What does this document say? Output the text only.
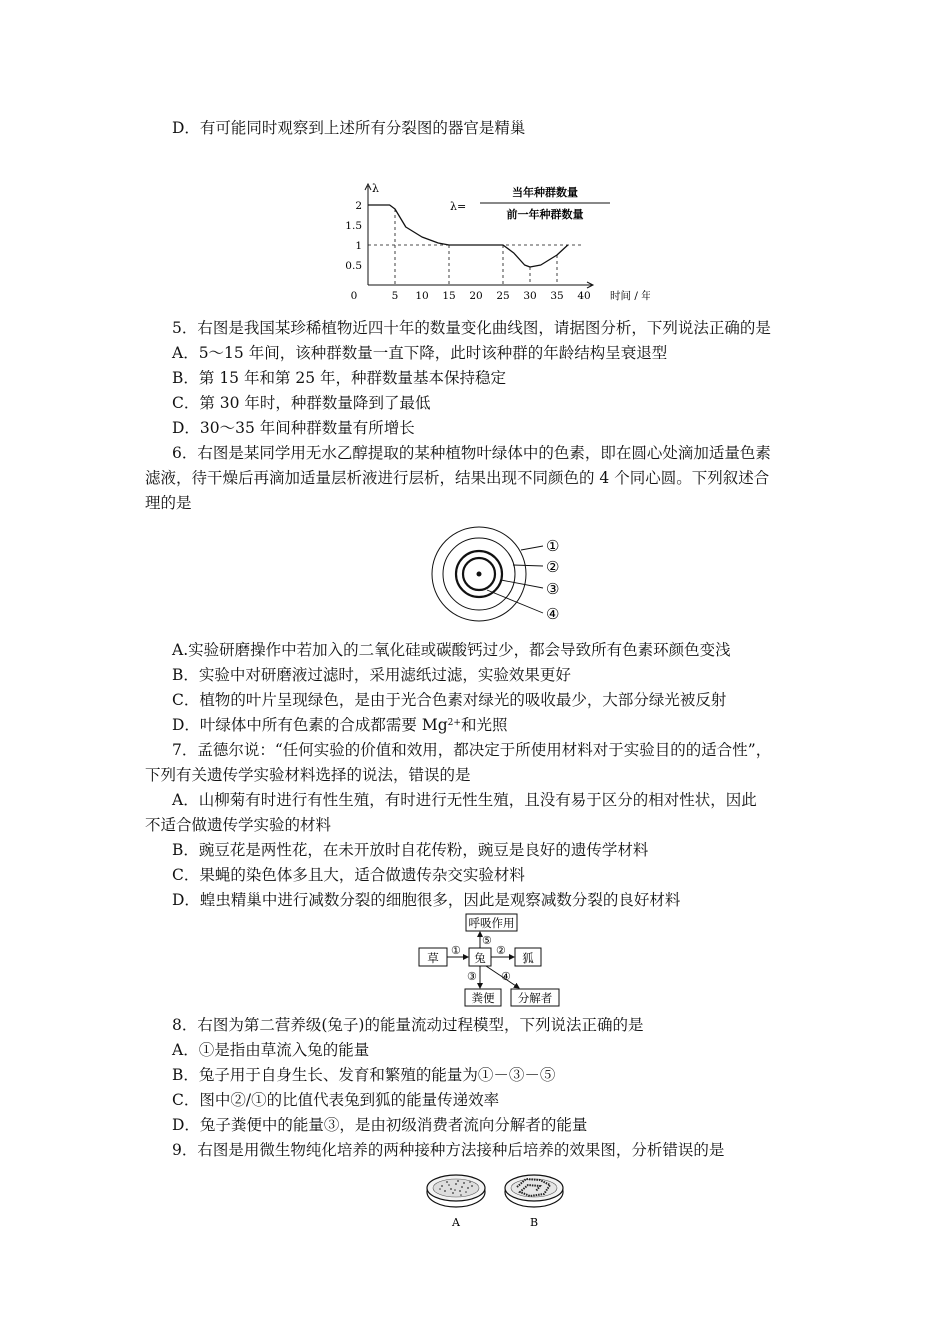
D．有可能同时观察到上述所有分裂图的器官是精巢
λ
0	5 10 15 20 25 30 35 40 时间 / 年
0.5
1
1.5
2	λ=
当年种群数量
前一年种群数量
5．右图是我国某珍稀植物近四十年的数量变化曲线图，请据图分析，下列说法正确的是
A．5～15 年间，该种群数量一直下降，此时该种群的年龄结构呈衰退型
B．第 15 年和第 25 年，种群数量基本保持稳定
C．第 30 年时，种群数量降到了最低
D．30～35 年间种群数量有所增长
6．右图是某同学用无水乙醇提取的某种植物叶绿体中的色素，即在圆心处滴加适量色素
滤液，待干燥后再滴加适量层析液进行层析，结果出现不同颜色的 4 个同心圆。下列叙述合
理的是
①
②
③
④
A.实验研磨操作中若加入的二氧化硅或碳酸钙过少，都会导致所有色素环颜色变浅
B．实验中对研磨液过滤时，采用滤纸过滤，实验效果更好
C．植物的叶片呈现绿色，是由于光合色素对绿光的吸收最少，大部分绿光被反射
D．叶绿体中所有色素的合成都需要 $Mg^{2+}$和光照
7．孟德尔说：“任何实验的价值和效用，都决定于所使用材料对于实验目的的适合性”，
下列有关遗传学实验材料选择的说法，错误的是
A．山柳菊有时进行有性生殖，有时进行无性生殖，且没有易于区分的相对性状，因此
不适合做遗传学实验的材料
B．豌豆花是两性花，在未开放时自花传粉，豌豆是良好的遗传学材料
C．果蝇的染色体多且大，适合做遗传杂交实验材料
D．蝗虫精巢中进行减数分裂的细胞很多，因此是观察减数分裂的良好材料
呼吸作用
草	兔	狐
粪便 分解者
①	②
⑤
③ ④
8．右图为第二营养级(兔子)的能量流动过程模型，下列说法正确的是
A．①是指由草流入兔的能量
B．兔子用于自身生长、发育和繁殖的能量为①－③－⑤
C．图中②/①的比值代表兔到狐的能量传递效率
D．兔子粪便中的能量③，是由初级消费者流向分解者的能量
9．右图是用微生物纯化培养的两种接种方法接种后培养的效果图，分析错误的是
A	B
